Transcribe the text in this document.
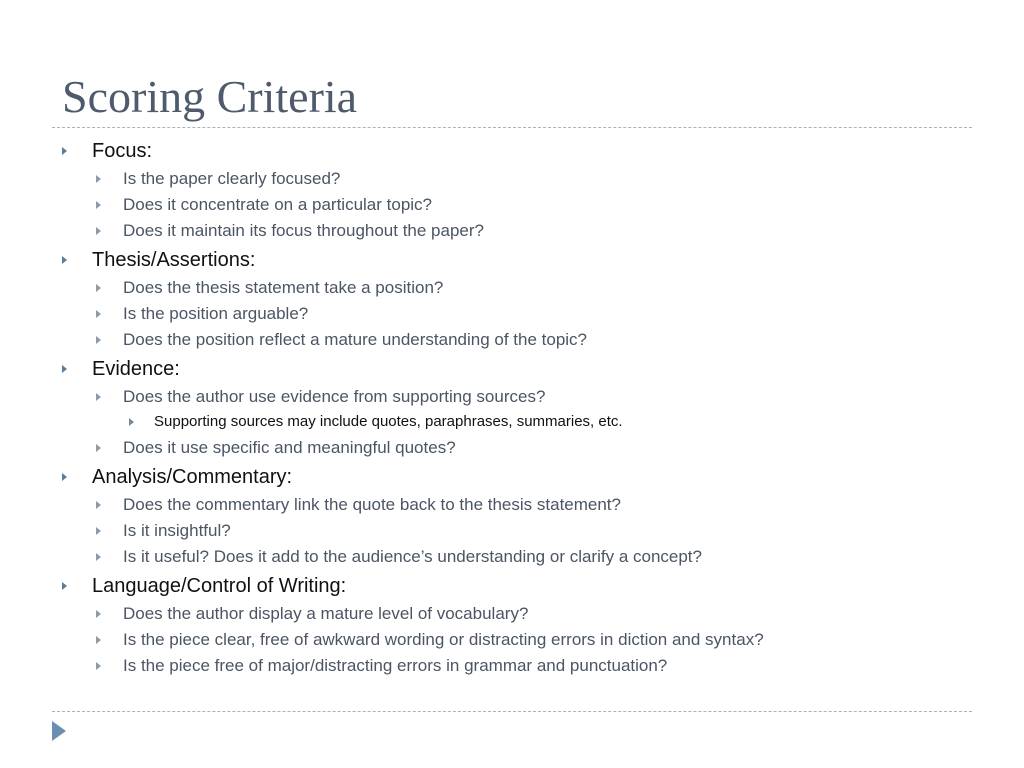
Scoring Criteria
Focus:
Is the paper clearly focused?
Does it concentrate on a particular topic?
Does it maintain its focus throughout the paper?
Thesis/Assertions:
Does the thesis statement take a position?
Is the position arguable?
Does the position reflect a mature understanding of the topic?
Evidence:
Does the author use evidence from supporting sources?
Supporting sources may include quotes, paraphrases, summaries, etc.
Does it use specific and meaningful quotes?
Analysis/Commentary:
Does the commentary link the quote back to the thesis statement?
Is it insightful?
Is it useful? Does it add to the audience’s understanding or clarify a concept?
Language/Control of Writing:
Does the author display a mature level of vocabulary?
Is the piece clear, free of awkward wording or distracting errors in diction and syntax?
Is the piece free of major/distracting errors in grammar and punctuation?
